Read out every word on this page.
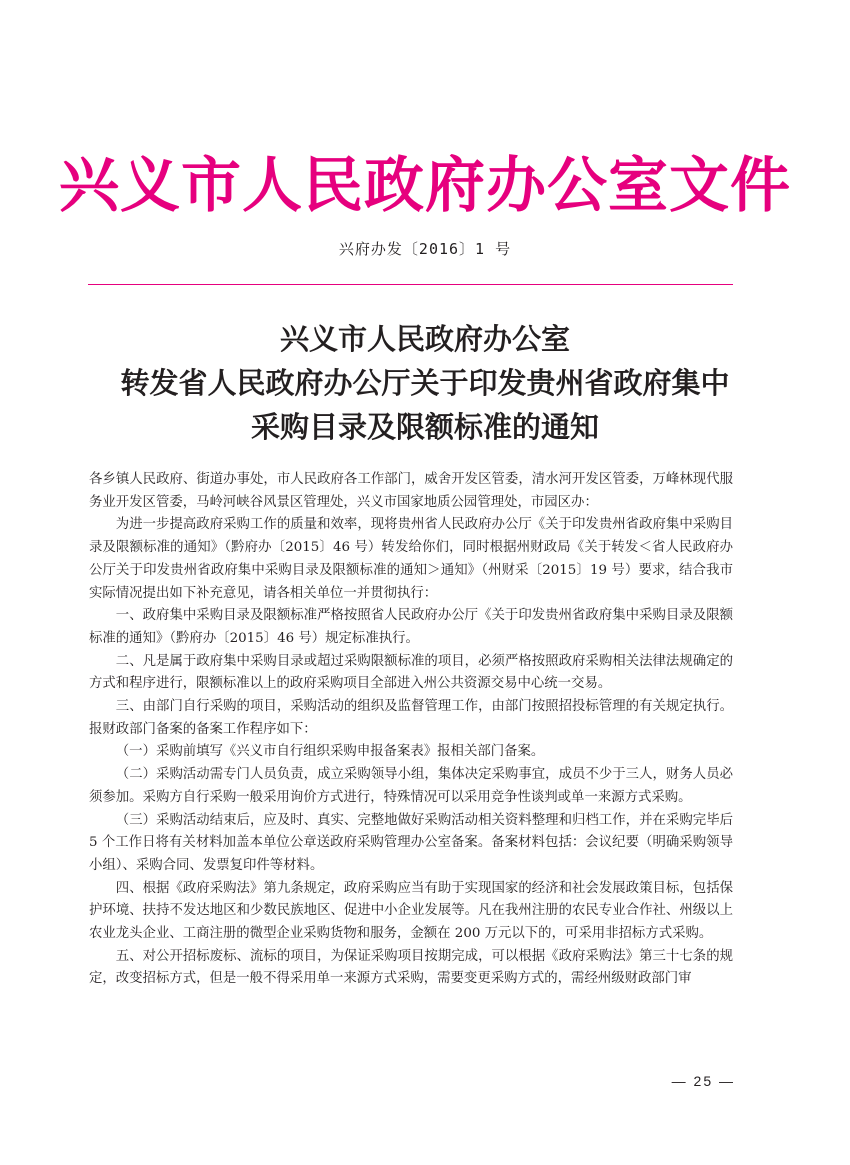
兴义市人民政府办公室文件
兴府办发〔2016〕1 号
兴义市人民政府办公室
转发省人民政府办公厅关于印发贵州省政府集中
采购目录及限额标准的通知

各乡镇人民政府、街道办事处，市人民政府各工作部门，威舍开发区管委，清水河开发区管委，万峰林现代服务业开发区管委，马岭河峡谷风景区管理处，兴义市国家地质公园管理处，市园区办：

为进一步提高政府采购工作的质量和效率，现将贵州省人民政府办公厅《关于印发贵州省政府集中采购目录及限额标准的通知》（黔府办〔2015〕46 号）转发给你们，同时根据州财政局《关于转发＜省人民政府办公厅关于印发贵州省政府集中采购目录及限额标准的通知＞通知》（州财采〔2015〕19 号）要求，结合我市实际情况提出如下补充意见，请各相关单位一并贯彻执行：

一、政府集中采购目录及限额标准严格按照省人民政府办公厅《关于印发贵州省政府集中采购目录及限额标准的通知》（黔府办〔2015〕46 号）规定标准执行。

二、凡是属于政府集中采购目录或超过采购限额标准的项目，必须严格按照政府采购相关法律法规确定的方式和程序进行，限额标准以上的政府采购项目全部进入州公共资源交易中心统一交易。

三、由部门自行采购的项目，采购活动的组织及监督管理工作，由部门按照招投标管理的有关规定执行。报财政部门备案的备案工作程序如下：

（一）采购前填写《兴义市自行组织采购申报备案表》报相关部门备案。

（二）采购活动需专门人员负责，成立采购领导小组，集体决定采购事宜，成员不少于三人，财务人员必须参加。采购方自行采购一般采用询价方式进行，特殊情况可以采用竞争性谈判或单一来源方式采购。

（三）采购活动结束后，应及时、真实、完整地做好采购活动相关资料整理和归档工作，并在采购完毕后 5 个工作日将有关材料加盖本单位公章送政府采购管理办公室备案。备案材料包括：会议纪要（明确采购领导小组）、采购合同、发票复印件等材料。

四、根据《政府采购法》第九条规定，政府采购应当有助于实现国家的经济和社会发展政策目标，包括保护环境、扶持不发达地区和少数民族地区、促进中小企业发展等。凡在我州注册的农民专业合作社、州级以上农业龙头企业、工商注册的微型企业采购货物和服务，金额在 200 万元以下的，可采用非招标方式采购。

五、对公开招标废标、流标的项目，为保证采购项目按期完成，可以根据《政府采购法》第三十七条的规定，改变招标方式，但是一般不得采用单一来源方式采购，需要变更采购方式的，需经州级财政部门审

— 25 —
